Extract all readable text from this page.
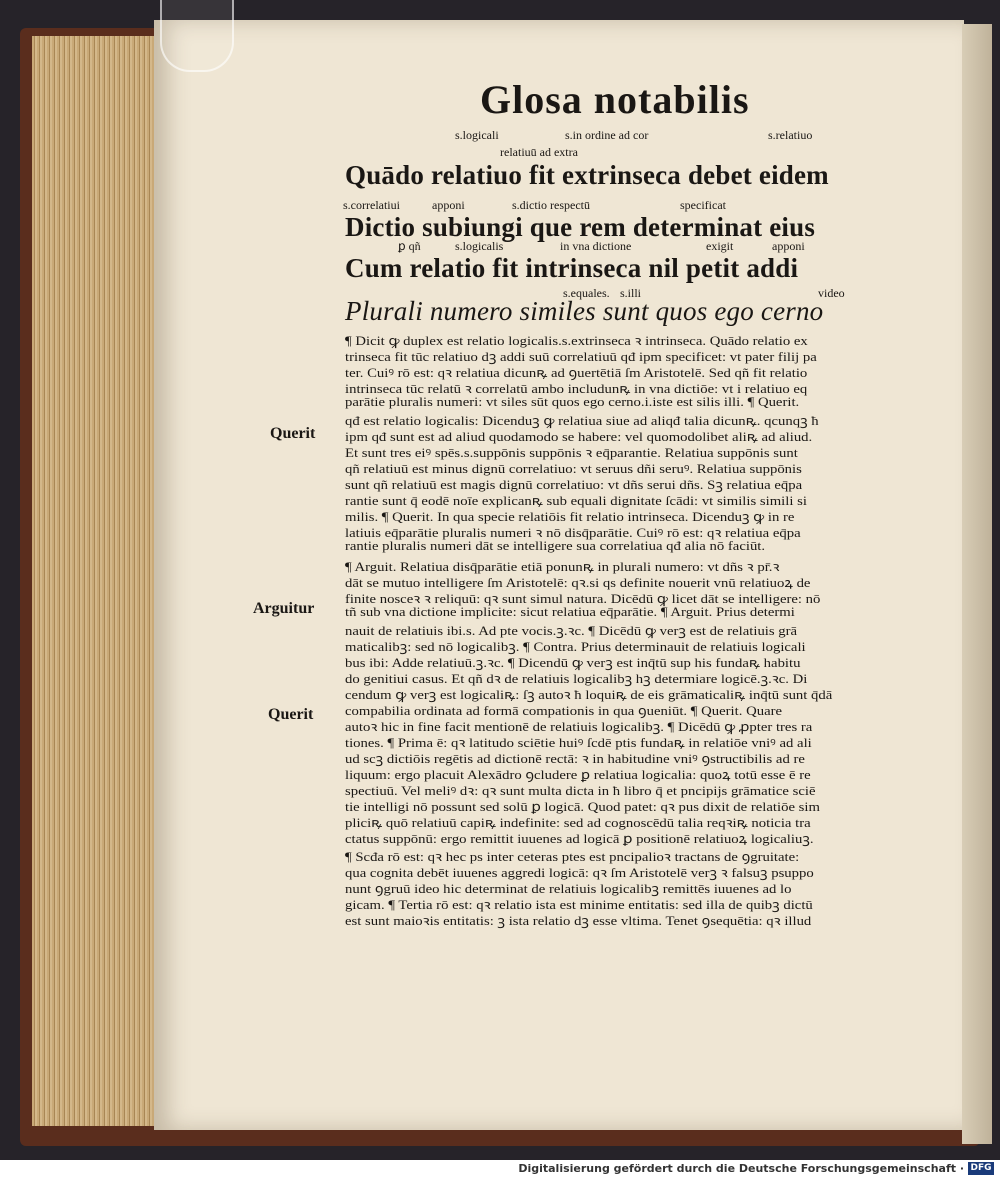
Glosa notabilis
s.logicali	s.in ordine ad cor	s.relatiuo
relatiuū ad extra
Quādo relatiuo fit extrinseca debet eidem
s.correlatiui	apponi	s.dictio respectū	specificat
Dictio subiungi que rem determinat eius
ꝑ qñ	s.logicalis	in vna dictione	exigit	apponi
Cum relatio fit intrinseca nil petit addi
s.equales. s.illi	video
Plurali numero similes sunt quos ego cerno
¶ Dicit ꝙ duplex est relatio logicalis.s.extrinseca ꝛ intrinseca. Quādo relatio ex
trinseca fit tūc relatiuo dꝫ addi suū correlatiuū qđ ipm specificet: vt pater filij pa
ter. Cuiꝰ rō est: qꝛ relatiua dicunꝶ ad ꝯuertētiā ſm Aristotelē. Sed qñ fit relatio
intrinseca tūc relatū ꝛ correlatū ambo includunꝶ in vna dictiōe: vt i relatiuo eq
parātie pluralis numeri: vt siles sūt quos ego cerno.i.iste est silis illi. ¶ Querit.
qđ est relatio logicalis: Dicenduꝫ ꝙ relatiua siue ad aliqđ talia dicunꝶ. qcunqꝫ ħ
ipm qđ sunt est ad aliud quodamodo se habere: vel quomodolibet aliꝶ ad aliud.
Et sunt tres eiꝰ spēs.s.suppōnis suppōnis ꝛ eq̄parantie. Relatiua suppōnis sunt
qñ relatiuū est minus dignū correlatiuo: vt seruus dñi seruꝰ. Relatiua suppōnis
sunt qñ relatiuū est magis dignū correlatiuo: vt dñs serui dñs. Sꝫ relatiua eq̄pa
rantie sunt q̄ eodē noīe explicanꝶ sub equali dignitate ſcādi: vt similis simili si
milis. ¶ Querit. In qua specie relatiōis fit relatio intrinseca. Dicenduꝫ ꝙ in re
latiuis eq̄parātie pluralis numeri ꝛ nō disq̄parātie. Cuiꝰ rō est: qꝛ relatiua eq̄pa
rantie pluralis numeri dāt se intelligere sua correlatiua qđ alia nō faciūt.
¶ Arguit. Relatiua disq̄parātie etiā ponunꝶ in plurali numero: vt dñs ꝛ pr̄.ꝛ
dāt se mutuo intelligere ſm Aristotelē: qꝛ.si qs definite nouerit vnū relatiuoꝝ de
finite nosceꝛ ꝛ reliquū: qꝛ sunt simul natura. Dicēdū ꝙ licet dāt se intelligere: nō
tñ sub vna dictione implicite: sicut relatiua eq̄parātie. ¶ Arguit. Prius determi
nauit de relatiuis ibi.s. Ad pte vocis.ꝫ.ꝛc. ¶ Dicēdū ꝙ verꝫ est de relatiuis grā
maticalibꝫ: sed nō logicalibꝫ. ¶ Contra. Prius determinauit de relatiuis logicali
bus ibi: Adde relatiuū.ꝫ.ꝛc. ¶ Dicendū ꝙ verꝫ est inq̄tū sup his fundaꝶ habitu
do genitiui casus. Et qñ dꝛ de relatiuis logicalibꝫ hꝫ determiare logicē.ꝫ.ꝛc. Di
cendum ꝙ verꝫ est logicaliꝶ: ſꝫ autoꝛ ħ loquiꝶ de eis grāmaticaliꝶ inq̄tū sunt q̄dā
compabilia ordinata ad formā compationis in qua ꝯueniūt. ¶ Querit. Quare
autoꝛ hic in fine facit mentionē de relatiuis logicalibꝫ. ¶ Dicēdū ꝙ ꝓpter tres ra
tiones. ¶ Prima ē: qꝛ latitudo sciētie huiꝰ ſcdē ptis fundaꝶ in relatiōe vniꝰ ad ali
ud scꝫ dictiōis regētis ad dictionē rectā: ꝛ in habitudine vniꝰ ꝯstructibilis ad re
liquum: ergo placuit Alexādro ꝯcludere ꝑ relatiua logicalia: quoꝝ totū esse ē re
spectiuū. Vel meliꝰ dꝛ: qꝛ sunt multa dicta in ħ libro q̄ et pncipijs grāmatice sciē
tie intelligi nō possunt sed solū ꝑ logicā. Quod patet: qꝛ pus dixit de relatiōe sim
pliciꝶ quō relatiuū capiꝶ indefinite: sed ad cognoscēdū talia reqꝛiꝶ noticia tra
ctatus suppōnū: ergo remittit iuuenes ad logicā ꝑ positionē relatiuoꝝ logicaliuꝫ.
¶ Scđa rō est: qꝛ hec ps inter ceteras ptes est pncipalioꝛ tractans de ꝯgruitate:
qua cognita debēt iuuenes aggredi logicā: qꝛ ſm Aristotelē verꝫ ꝛ falsuꝫ psuppo
nunt ꝯgruū ideo hic determinat de relatiuis logicalibꝫ remittēs iuuenes ad lo
gicam. ¶ Tertia rō est: qꝛ relatio ista est minime entitatis: sed illa de quibꝫ dictū
est sunt maioꝛis entitatis: ꝫ ista relatio dꝫ esse vltima. Tenet ꝯsequētia: qꝛ illud
Querit
Arguitur
Querit
Digitalisierung gefördert durch die Deutsche Forschungsgemeinschaft · DFG
